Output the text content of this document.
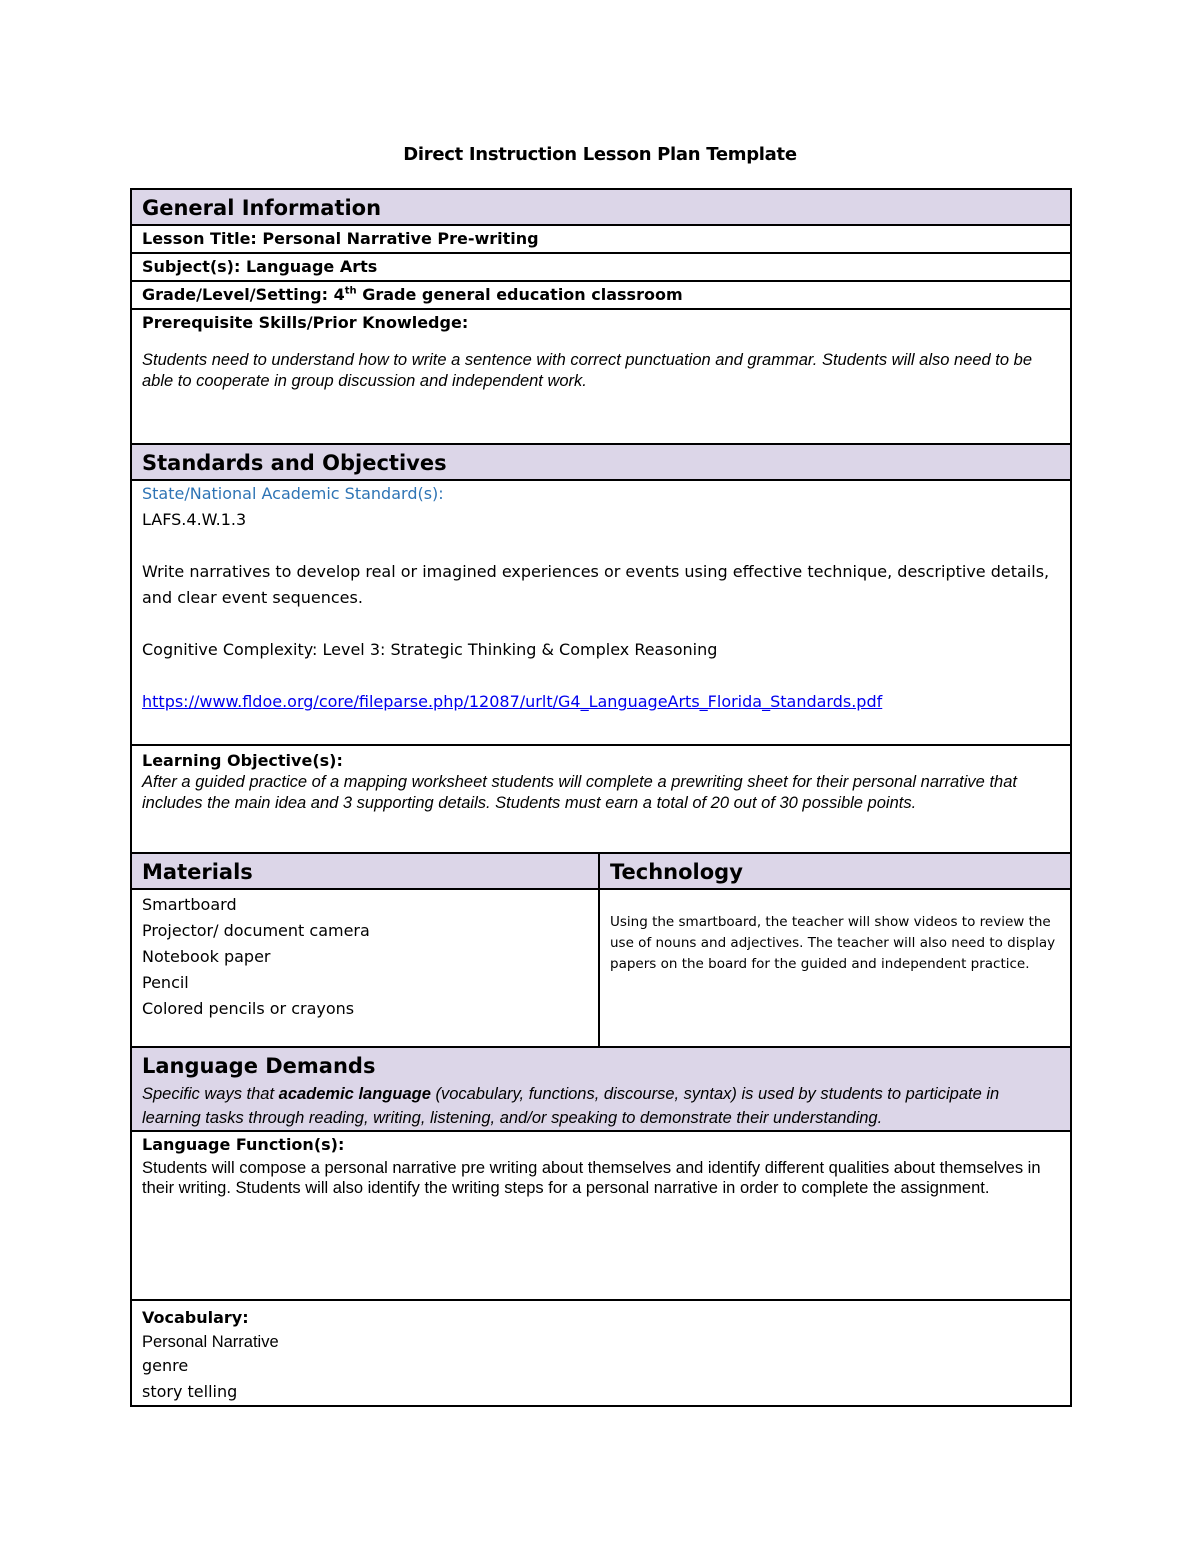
Direct Instruction Lesson Plan Template
General Information	
Lesson Title: Personal Narrative Pre-writing	
Subject(s): Language Arts	
Grade/Level/Setting: 4th Grade general education classroom	

Prerequisite Skills/Prior Knowledge:
Students need to understand how to write a sentence with correct punctuation and grammar. Students will also need to be able to cooperate in group discussion and independent work.	

Standards and Objectives	

State/National Academic Standard(s):
LAFS.4.W.1.3
Write narratives to develop real or imagined experiences or events using effective technique, descriptive details, and clear event sequences.
Cognitive Complexity: Level 3: Strategic Thinking & Complex Reasoning
https://www.fldoe.org/core/fileparse.php/12087/urlt/G4_LanguageArts_Florida_Standards.pdf	

Learning Objective(s):
After a guided practice of a mapping worksheet students will complete a prewriting sheet for their personal narrative that includes the main idea and 3 supporting details. Students must earn a total of 20 out of 30 possible points.	

Materials	Technology

Smartboard
Projector/ document camera
Notebook paper
Pencil
Colored pencils or crayons	Using the smartboard, the teacher will show videos to review the use of nouns and adjectives. The teacher will also need to display papers on the board for the guided and independent practice.

Language Demands
Specific ways that academic language (vocabulary, functions, discourse, syntax) is used by students to participate in learning tasks through reading, writing, listening, and/or speaking to demonstrate their understanding.	

Language Function(s):
Students will compose a personal narrative pre writing about themselves and identify different qualities about themselves in their writing. Students will also identify the writing steps for a personal narrative in order to complete the assignment.	

Vocabulary:
Personal Narrative
genre
story telling	
